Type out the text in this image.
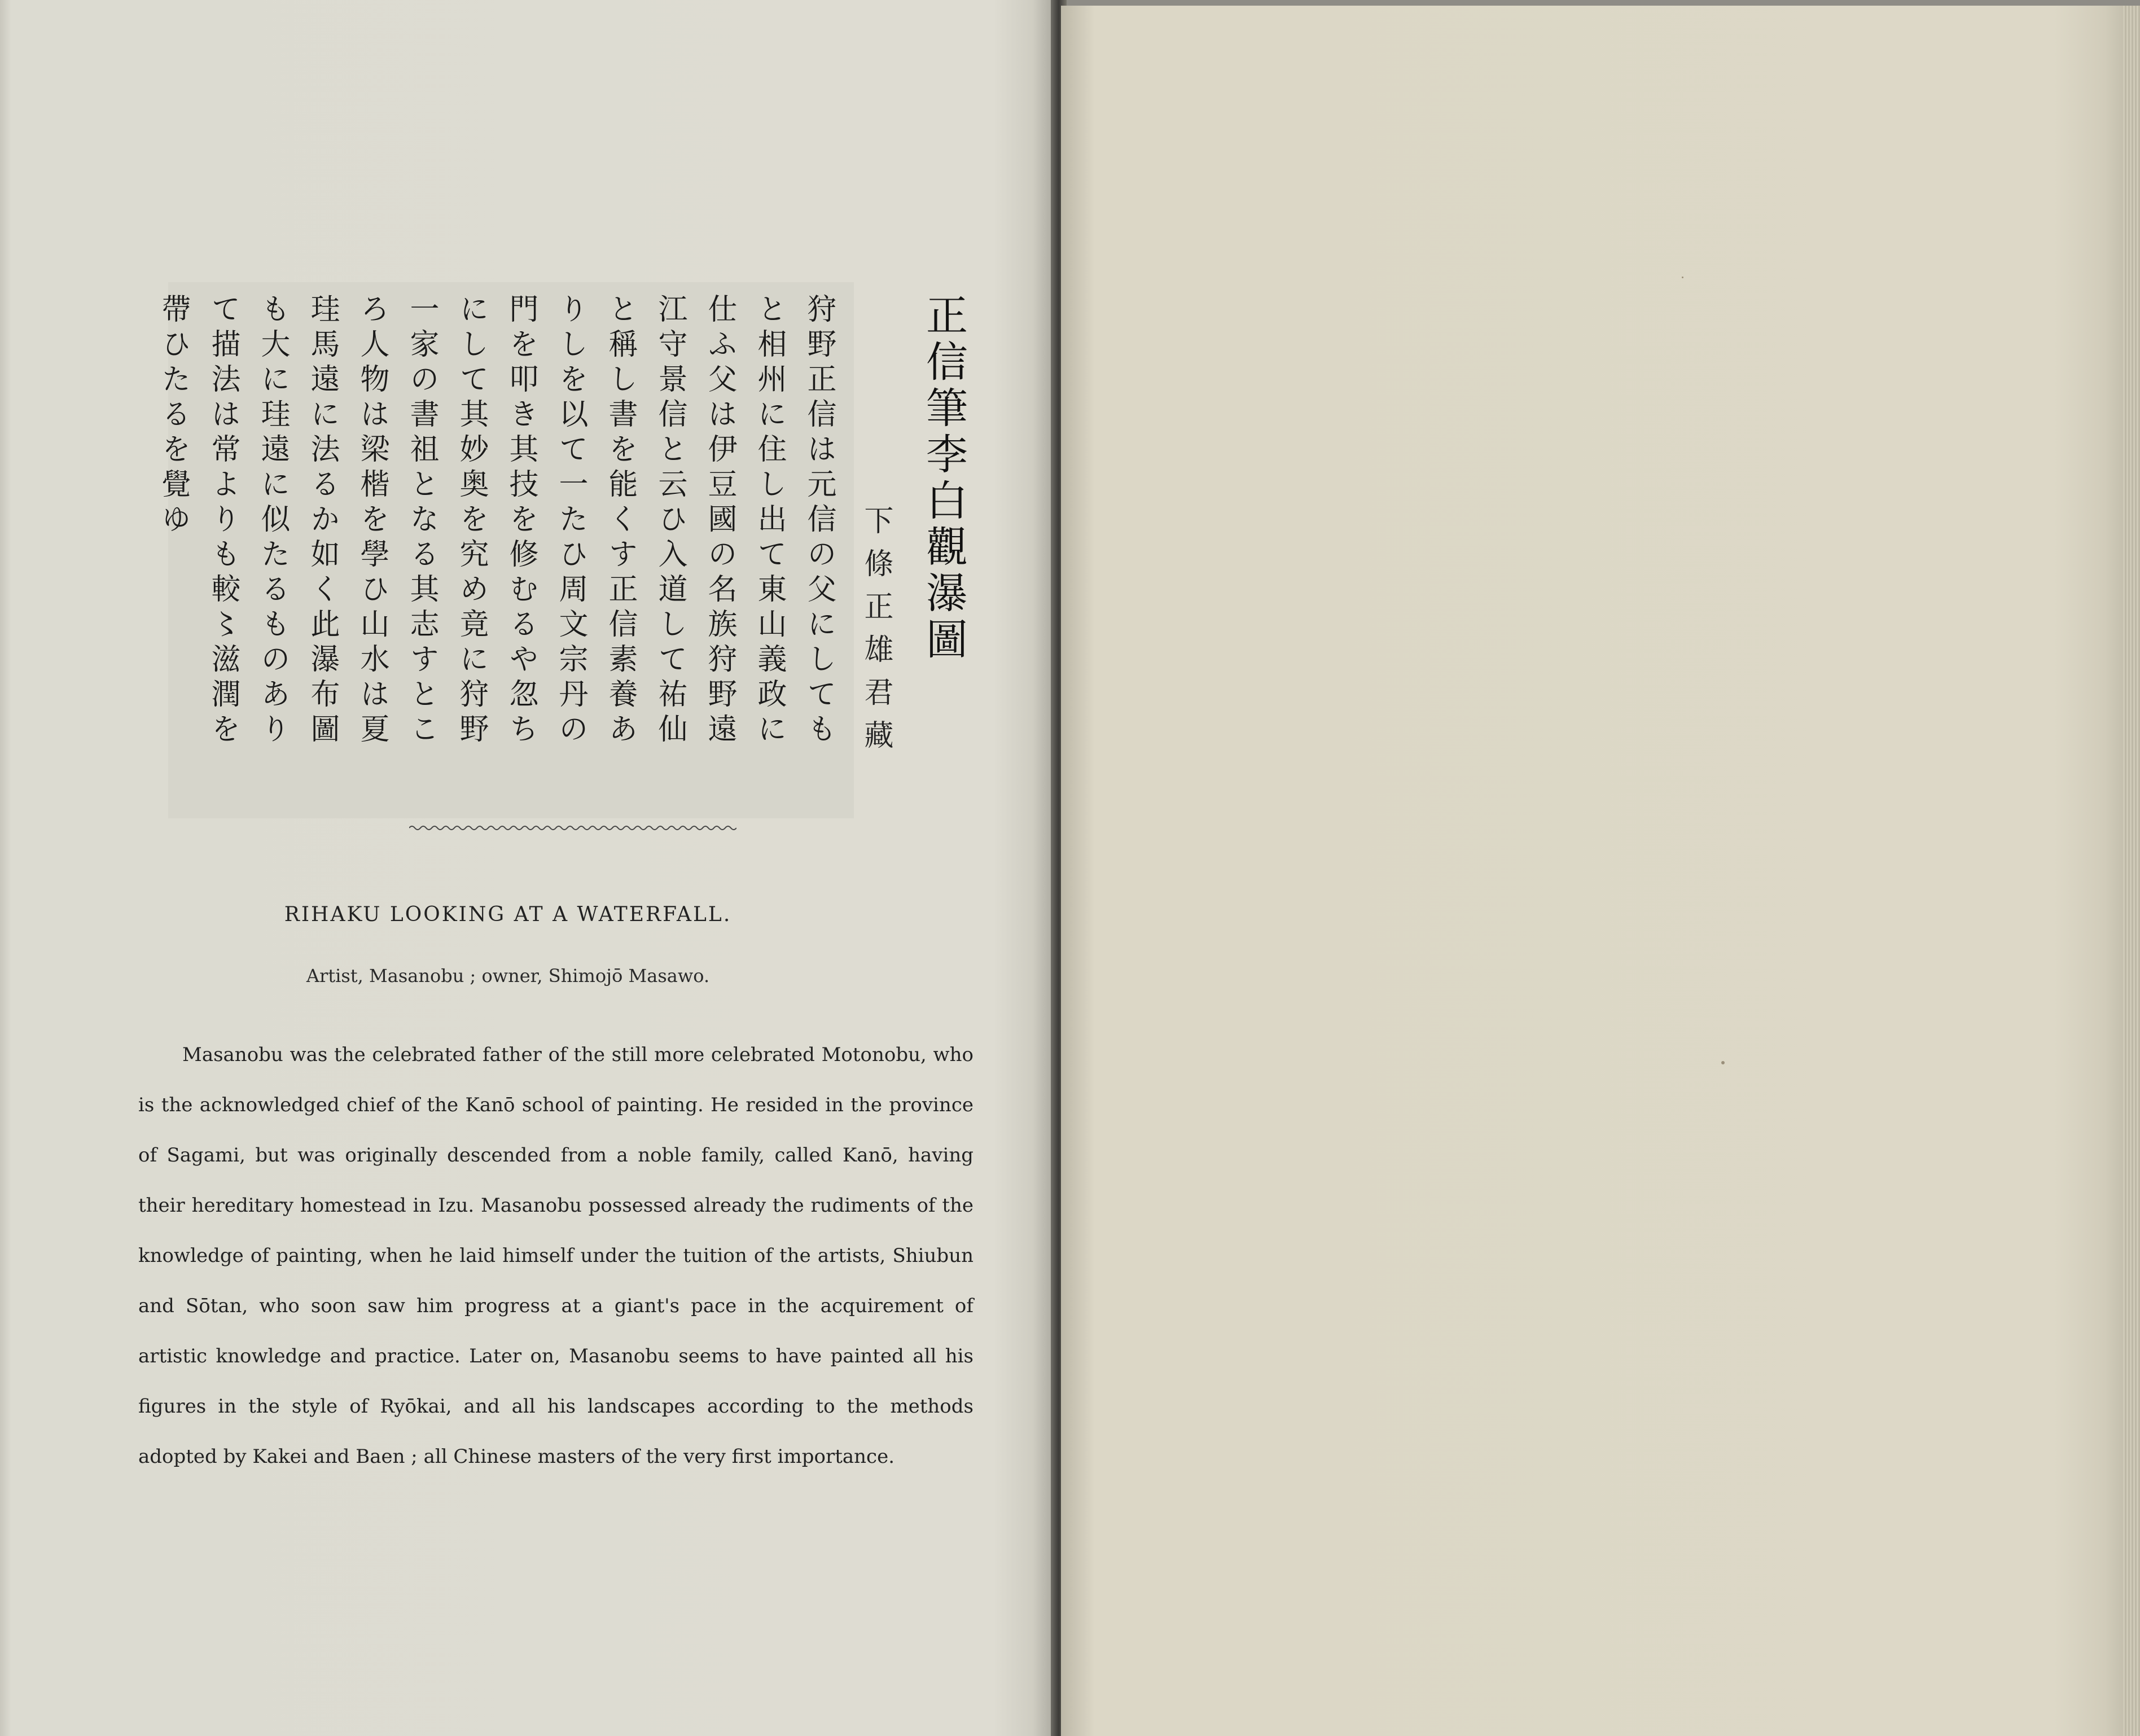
正信筆李白觀瀑圖
下條正雄君藏
狩野正信は元信の父にしてもと相州に住し出て東山義政に仕ふ父は伊豆國の名族狩野遠江守景信と云ひ入道して祐仙と稱し書を能くす正信素養ありしを以て一たひ周文宗丹の門を叩き其技を修むるや忽ちにして其妙奥を究め竟に狩野一家の書祖となる其志すところ人物は梁楷を學ひ山水は夏珪馬遠に法るか如く此瀑布圖も大に珪遠に似たるものありて描法は常よりも較〻滋潤を帶ひたるを覺ゆ
RIHAKU LOOKING AT A WATERFALL.
Artist, Masanobu ; owner, Shimojō Masawo.

Masanobu was the celebrated father of the still more celebrated Motonobu, who is the acknowledged chief of the Kanō school of painting. He resided in the province of Sagami, but was originally descended from a noble family, called Kanō, having their hereditary homestead in Izu. Masanobu possessed already the rudiments of the knowledge of painting, when he laid himself under the tuition of the artists, Shiubun and Sōtan, who soon saw him progress at a giant's pace in the acquirement of artistic knowledge and practice. Later on, Masanobu seems to have painted all his figures in the style of Ryōkai, and all his landscapes according to the methods adopted by Kakei and Baen ; all Chinese masters of the very first importance.
